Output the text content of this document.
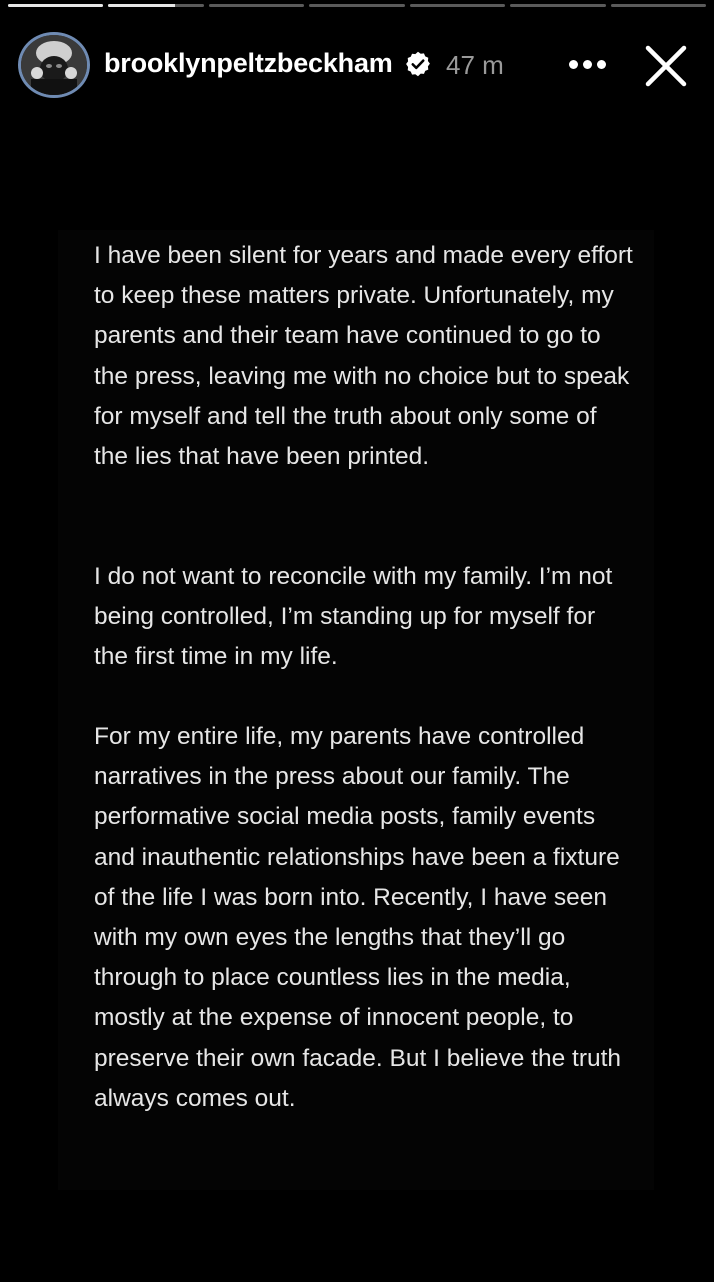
brooklynpeltzbeckham 47 m

I have been silent for years and made every effort to keep these matters private. Unfortunately, my parents and their team have continued to go to the press, leaving me with no choice but to speak for myself and tell the truth about only some of the lies that have been printed.

I do not want to reconcile with my family. I’m not being controlled, I’m standing up for myself for the first time in my life.

For my entire life, my parents have controlled narratives in the press about our family. The performative social media posts, family events and inauthentic relationships have been a fixture of the life I was born into. Recently, I have seen with my own eyes the lengths that they’ll go through to place countless lies in the media, mostly at the expense of innocent people, to preserve their own facade. But I believe the truth always comes out.
